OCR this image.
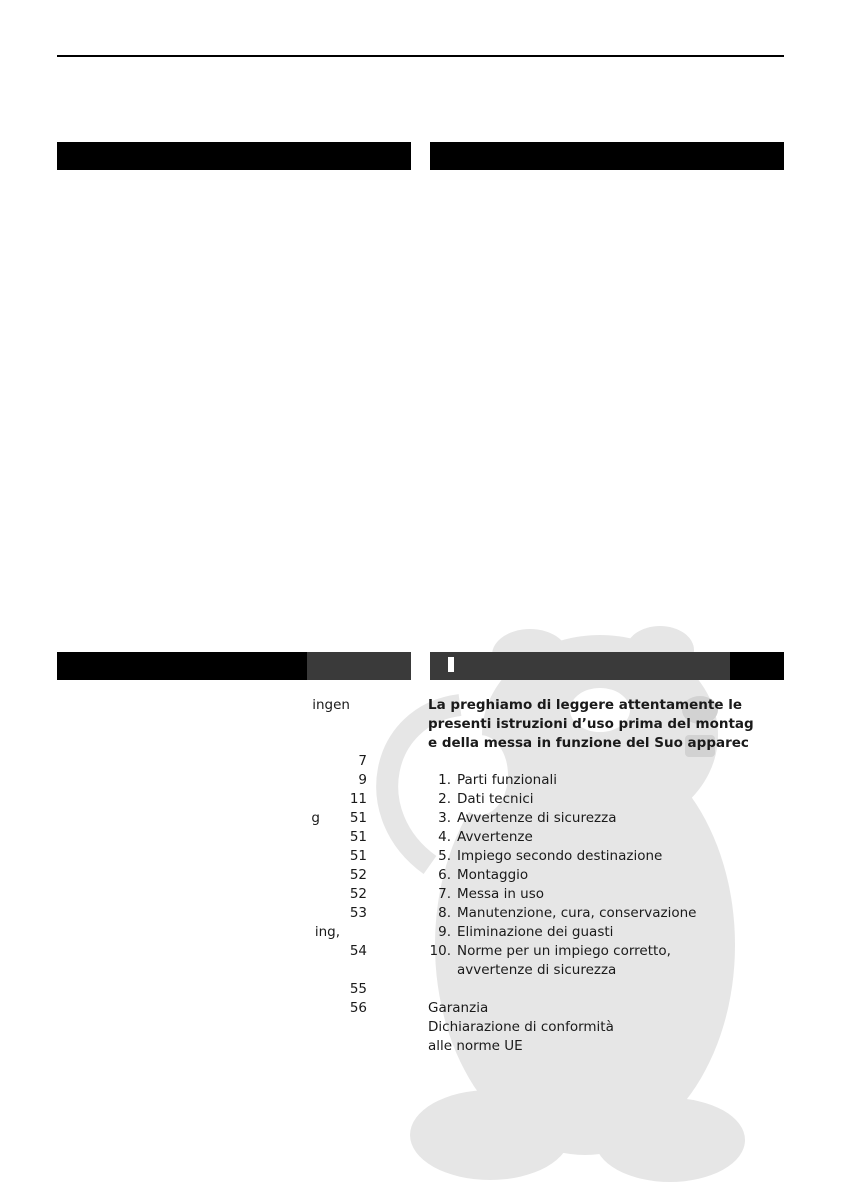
ingen
7
9
11
g	51
51
51
52
52
53
ing,
54
55
56
La preghiamo di leggere attentamente le
presenti istruzioni d’uso prima del montag
e della messa in funzione del Suo apparec
1. Parti funzionali
2. Dati tecnici
3. Avvertenze di sicurezza
4. Avvertenze
5. Impiego secondo destinazione
6. Montaggio
7. Messa in uso
8. Manutenzione, cura, conservazione
9. Eliminazione dei guasti
10. Norme per un impiego corretto,
avvertenze di sicurezza
Garanzia
Dichiarazione di conformità
alle norme UE
